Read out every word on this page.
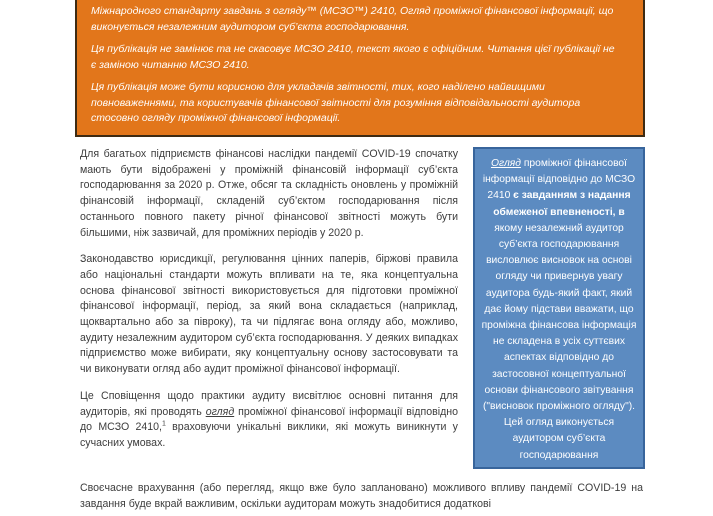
Міжнародного стандарту завдань з огляду™ (МСЗО™) 2410, Огляд проміжної фінансової інформації, що виконується незалежним аудитором суб’єкта господарювання.

Ця публікація не замінює та не скасовує МСЗО 2410, текст якого є офіційним. Читання цієї публікації не є заміною читанню МСЗО 2410.

Ця публікація може бути корисною для укладачів звітності, тих, кого наділено найвищими повноваженнями, та користувачів фінансової звітності для розуміння відповідальності аудитора стосовно огляду проміжної фінансової інформації.

Для багатьох підприємств фінансові наслідки пандемії COVID-19 спочатку мають бути відображені у проміжній фінансовій інформації суб’єкта господарювання за 2020 р. Отже, обсяг та складність оновлень у проміжній фінансовій інформації, складеній суб’єктом господарювання після останнього повного пакету річної фінансової звітності можуть бути більшими, ніж зазвичай, для проміжних періодів у 2020 р.

Законодавство юрисдикції, регулювання цінних паперів, біржові правила або національні стандарти можуть впливати на те, яка концептуальна основа фінансової звітності використовується для підготовки проміжної фінансової інформації, період, за який вона складається (наприклад, щоквартально або за півроку), та чи підлягає вона огляду або, можливо, аудиту незалежним аудитором суб’єкта господарювання. У деяких випадках підприємство може вибирати, яку концептуальну основу застосовувати та чи виконувати огляд або аудит проміжної фінансової інформації.

Це Сповіщення щодо практики аудиту висвітлює основні питання для аудиторів, які проводять огляд проміжної фінансової інформації відповідно до МСЗО 2410,$^1$ враховуючи унікальні виклики, які можуть виникнути у сучасних умовах.

Огляд проміжної фінансової інформації відповідно до МСЗО 2410 є завданням з надання обмеженої впевненості, в якому незалежний аудитор суб’єкта господарювання висловлює висновок на основі огляду чи привернув увагу аудитора будь-який факт, який дає йому підстави вважати, що проміжна фінансова інформація не складена в усіх суттєвих аспектах відповідно до застосовної концептуальної основи фінансового звітування ("висновок проміжного огляду"). Цей огляд виконується аудитором суб’єкта господарювання

Своєчасне врахування (або перегляд, якщо вже було заплановано) можливого впливу пандемії COVID-19 на завдання буде вкрай важливим, оскільки аудиторам можуть знадобитися додаткові
